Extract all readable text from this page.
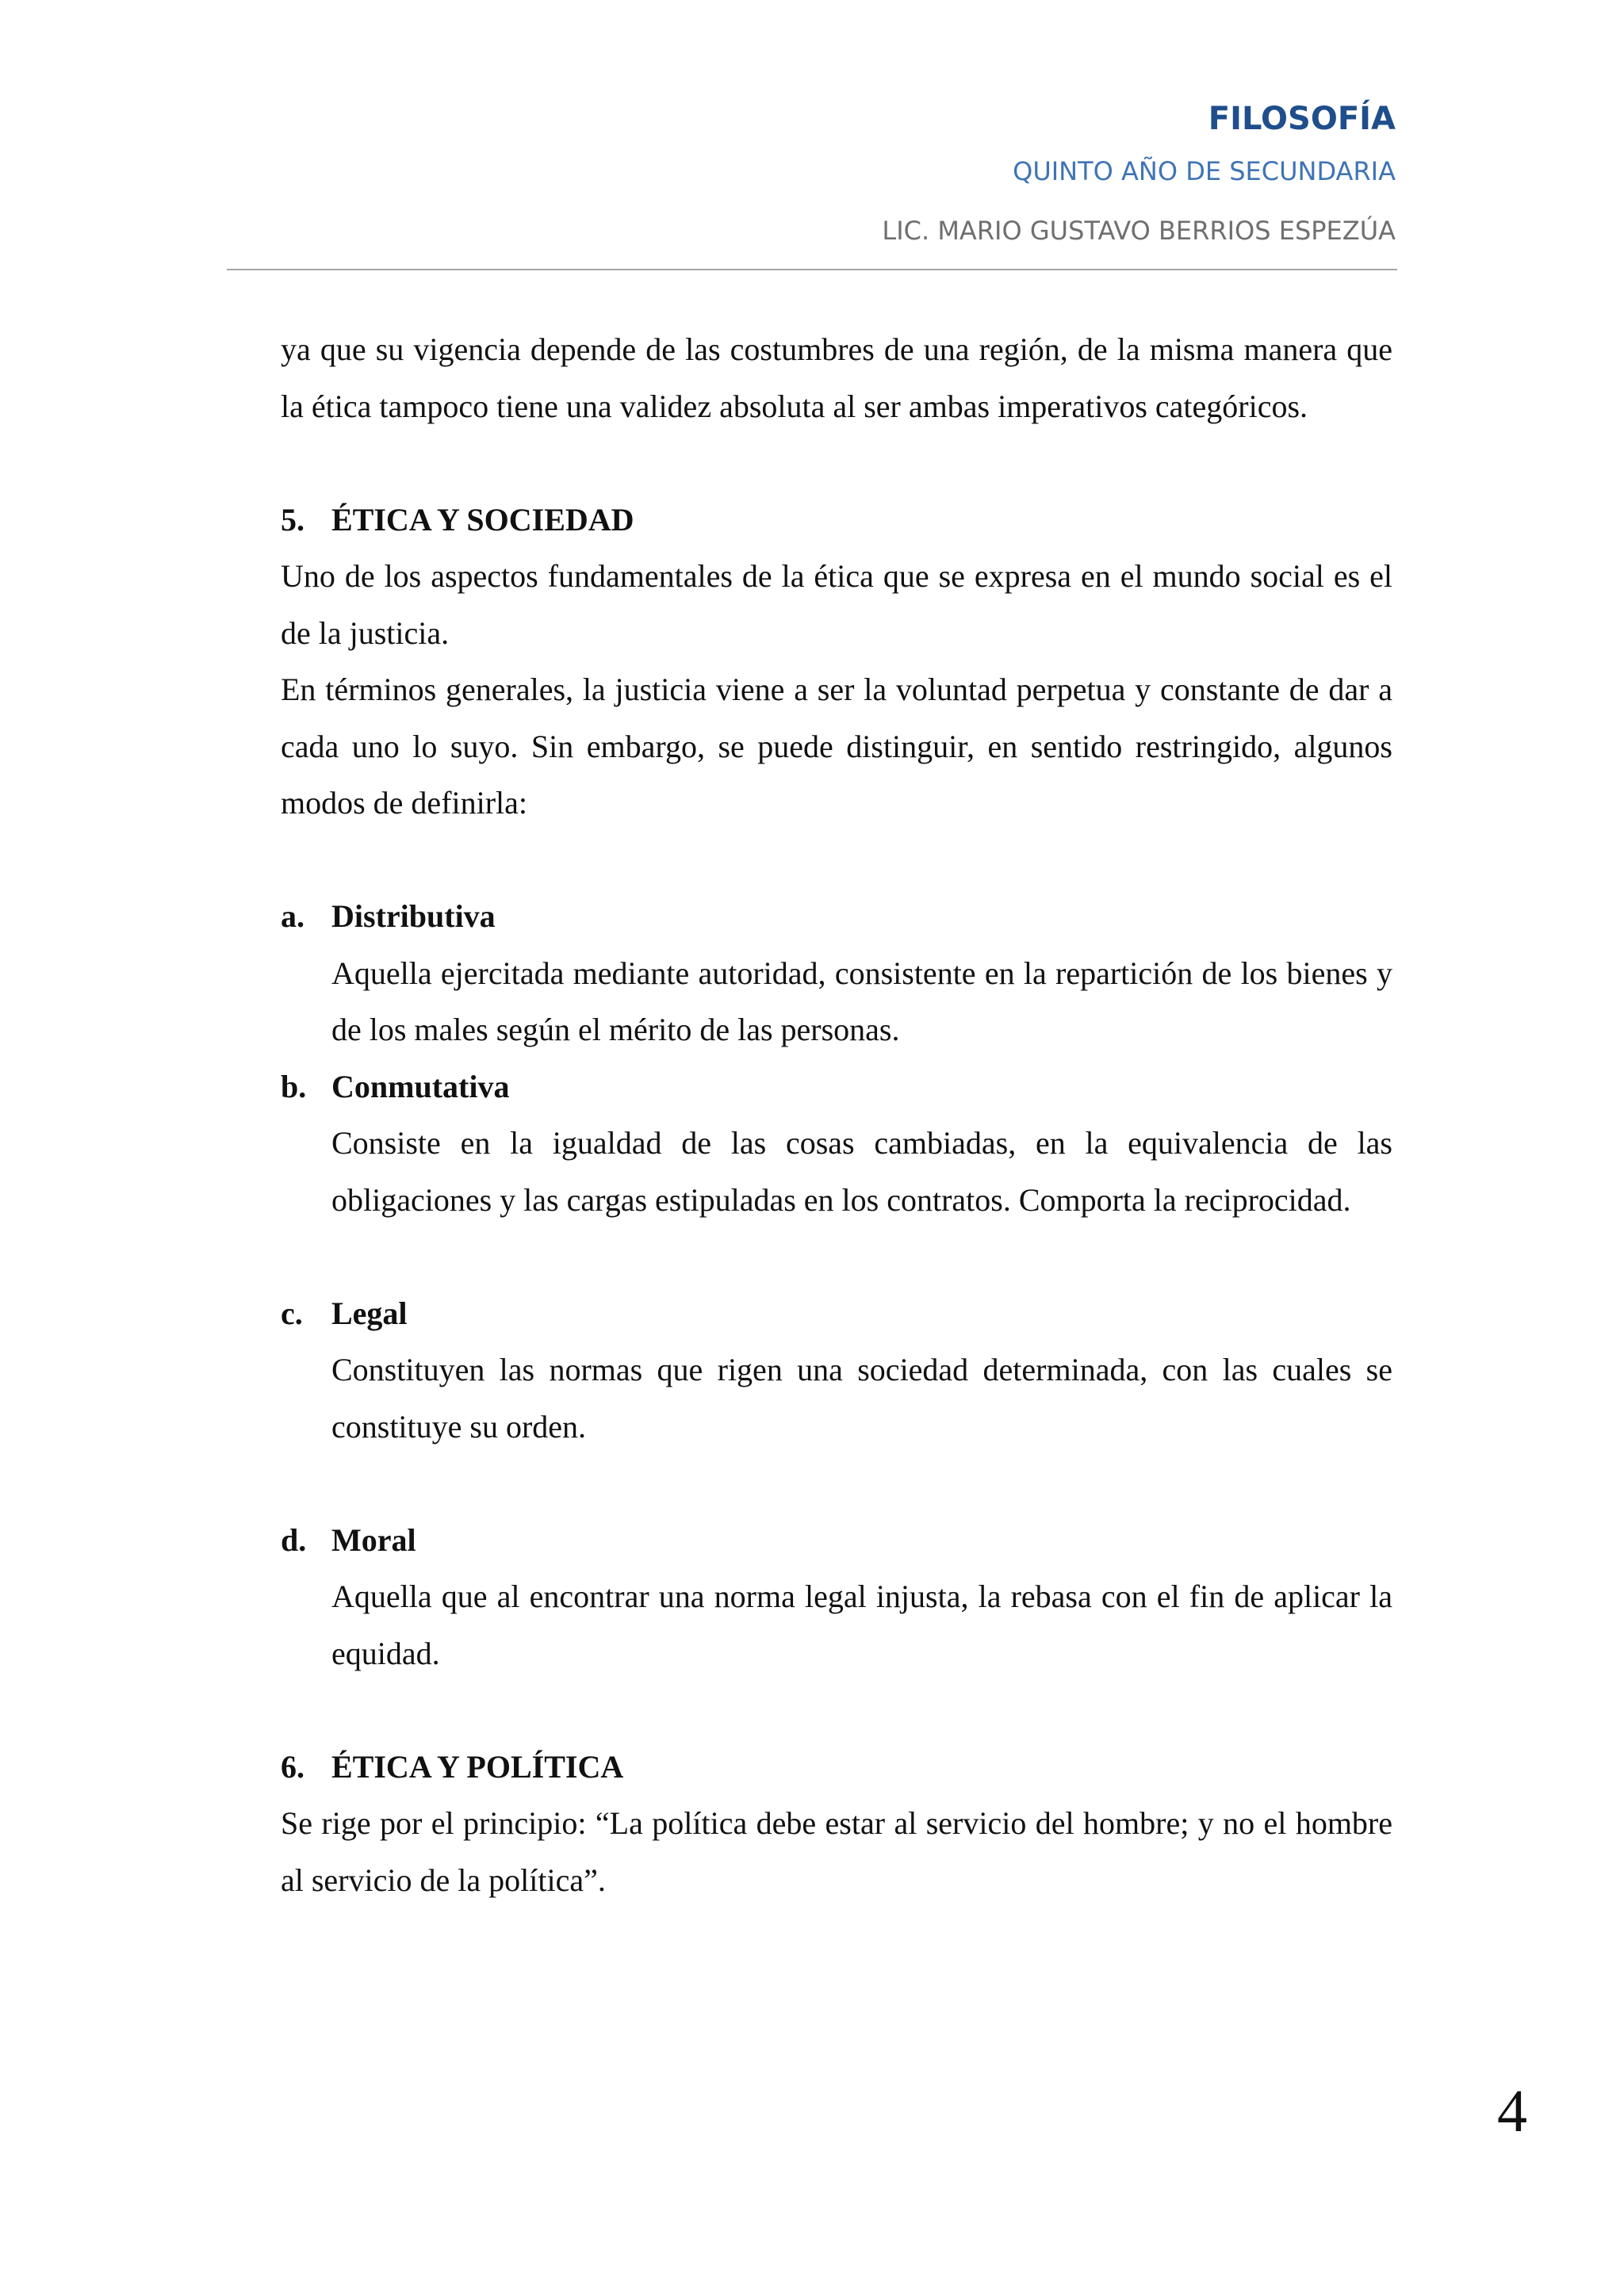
FILOSOFÍA
QUINTO AÑO DE SECUNDARIA
LIC. MARIO GUSTAVO BERRIOS ESPEZÚA

ya que su vigencia depende de las costumbres de una región, de la misma manera que la ética tampoco tiene una validez absoluta al ser ambas imperativos categóricos.

5. ÉTICA Y SOCIEDAD

Uno de los aspectos fundamentales de la ética que se expresa en el mundo social es el de la justicia.

En términos generales, la justicia viene a ser la voluntad perpetua y constante de dar a cada uno lo suyo. Sin embargo, se puede distinguir, en sentido restringido, algunos modos de definirla:

a. Distributiva

Aquella ejercitada mediante autoridad, consistente en la repartición de los bienes y de los males según el mérito de las personas.

b. Conmutativa

Consiste en la igualdad de las cosas cambiadas, en la equivalencia de las obligaciones y las cargas estipuladas en los contratos. Comporta la reciprocidad.

c. Legal

Constituyen las normas que rigen una sociedad determinada, con las cuales se constituye su orden.

d. Moral

Aquella que al encontrar una norma legal injusta, la rebasa con el fin de aplicar la equidad.

6. ÉTICA Y POLÍTICA

Se rige por el principio: “La política debe estar al servicio del hombre; y no el hombre al servicio de la política”.

4
